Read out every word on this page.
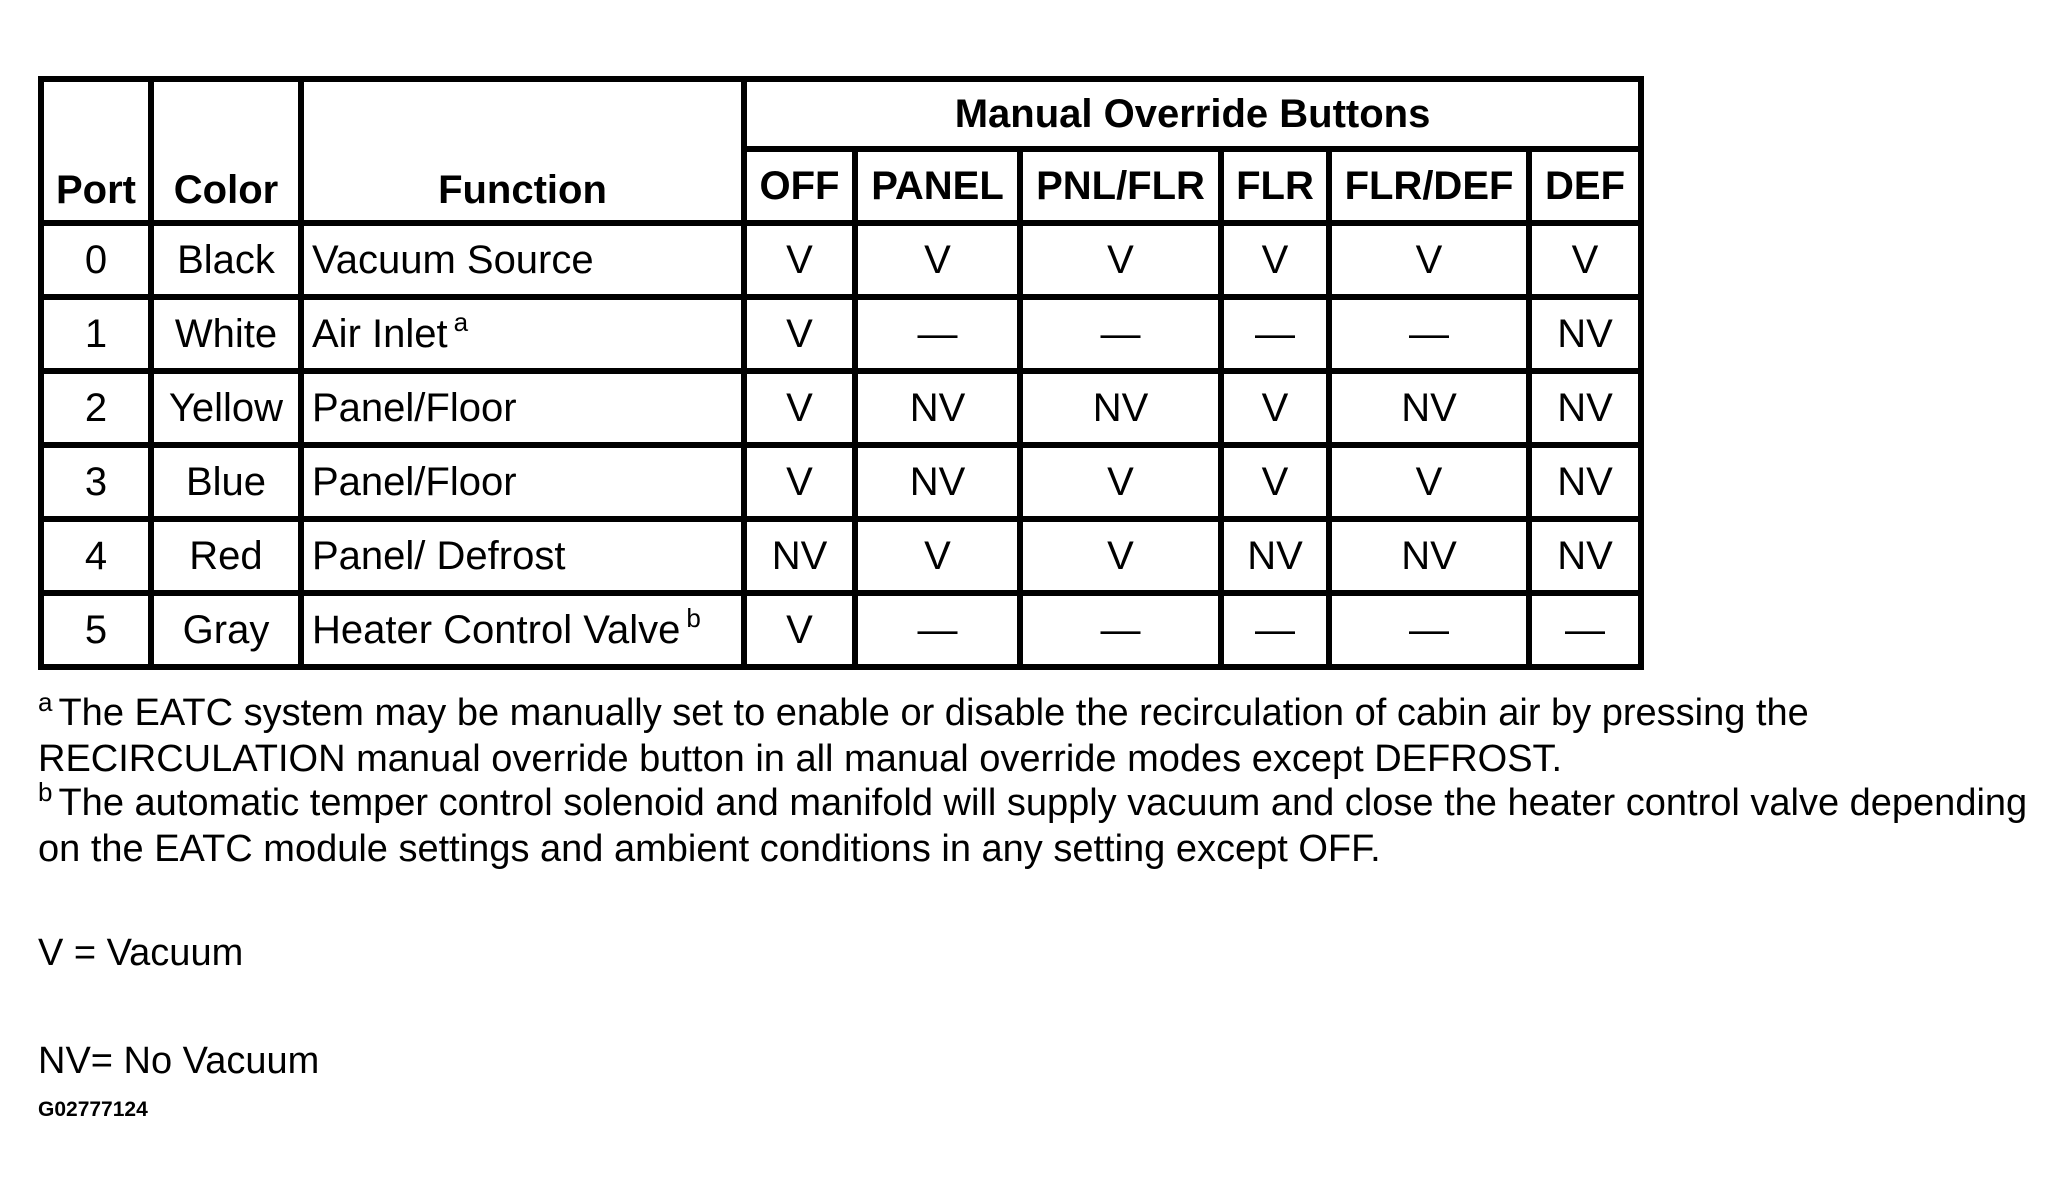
Port	Color	Function	Manual Override Buttons					
			OFF	PANEL	PNL/FLR	FLR	FLR/DEF	DEF
0	Black	Vacuum Source	V	V	V	V	V	V
1	White	Air Inlet $^a$	V	—	—	—	—	NV
2	Yellow	Panel/Floor	V	NV	NV	V	NV	NV
3	Blue	Panel/Floor	V	NV	V	V	V	NV
4	Red	Panel/ Defrost	NV	V	V	NV	NV	NV
5	Gray	Heater Control Valve $^b$	V	—	—	—	—	—
$^a$ The EATC system may be manually set to enable or disable the recirculation of cabin air by pressing the RECIRCULATION manual override button in all manual override modes except DEFROST.
$^b$ The automatic temper control solenoid and manifold will supply vacuum and close the heater control valve depending on the EATC module settings and ambient conditions in any setting except OFF.
V = Vacuum
NV= No Vacuum
G02777124
